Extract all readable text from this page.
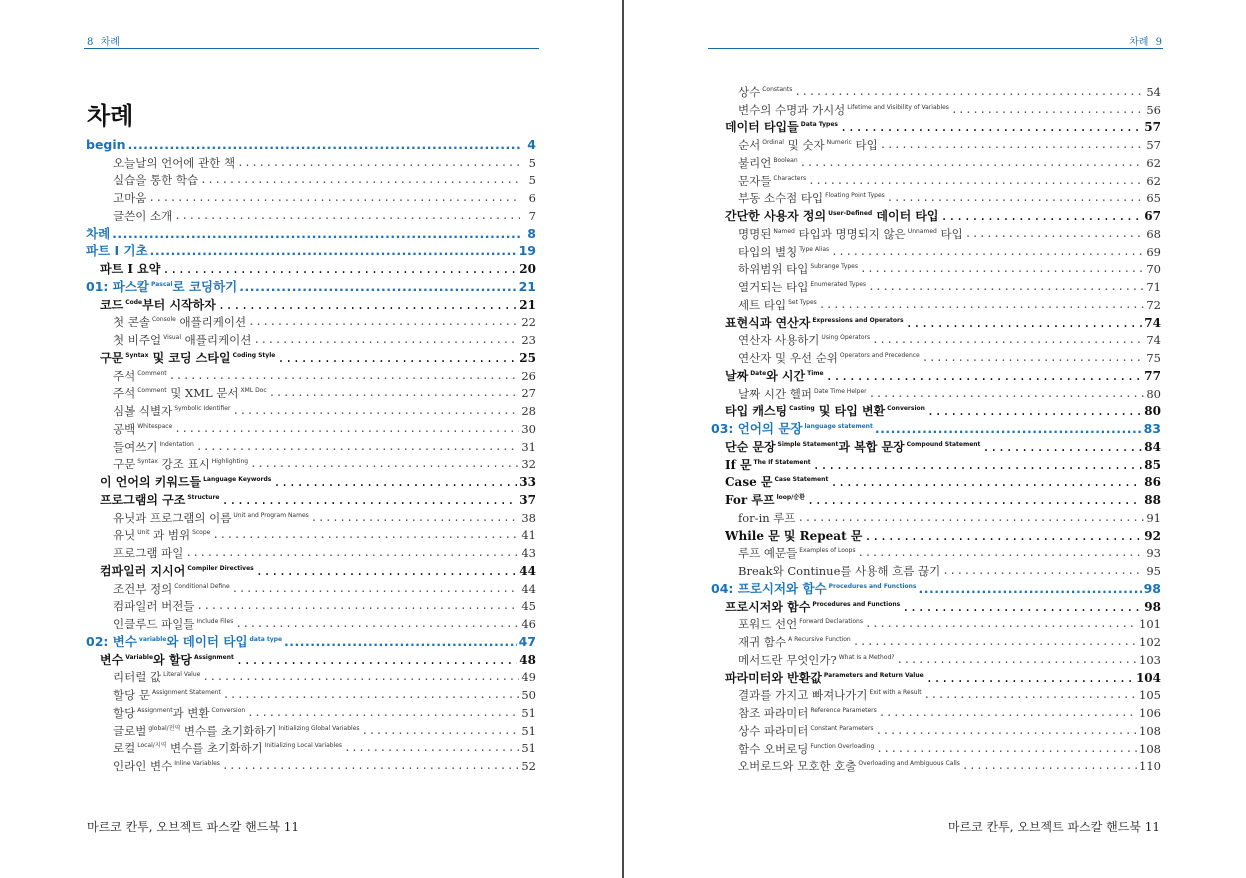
8 차례
차례
begin .....	4
오늘날의 언어에 관한 책 .....	5
실습을 통한 학습 .....	5
고마움 .....	6
글쓴이 소개 .....	7
차례 .....	8
파트 I 기초 .....	19
파트 I 요약 .....	20
01: 파스칼 $^{Pascal}$로 코딩하기 .....	21
코드 $^{Code}$부터 시작하자 .....	21
첫 콘솔 $^{Console}$ 애플리케이션 .....	22
첫 비주얼 $^{Visual}$ 애플리케이션 .....	23
구문 $^{Syntax}$ 및 코딩 스타일 $^{Coding Style}$ .....	25
주석 $^{Comment}$ .....	26
주석 $^{Comment}$ 및 XML 문서 $^{XML Doc}$ .....	27
심볼 식별자 $^{Symbolic Identifier}$ .....	28
공백 $^{Whitespace}$ .....	30
들여쓰기 $^{Indentation}$ .....	31
구문 $^{Syntax}$ 강조 표시 $^{Highlighting}$ .....	32
이 언어의 키워드들 $^{Language Keywords}$ .....	33
프로그램의 구조 $^{Structure}$ .....	37
유닛과 프로그램의 이름 $^{Unit and Program Names}$ .....	38
유닛 $^{Unit}$ 과 범위 $^{Scope}$ .....	41
프로그램 파일 .....	43
컴파일러 지시어 $^{Compiler Directives}$ .....	44
조건부 정의 $^{Conditional Define}$ .....	44
컴파일러 버전들 .....	45
인클루드 파일들 $^{Include Files}$ .....	46
02: 변수 $^{variable}$와 데이터 타입 $^{data type}$ .....	47
변수 $^{Variable}$와 할당 $^{Assignment}$ .....	48
리터럴 값 $^{Literal Value}$ .....	49
할당 문 $^{Assignment Statement}$ .....	50
할당 $^{Assignment}$과 변환 $^{Conversion}$ .....	51
글로벌 $^{global/전역}$ 변수를 초기화하기 $^{Initializing Global Variables}$ .....	51
로컬 $^{Local/지역}$ 변수를 초기화하기 $^{Initializing Local Variables}$ .....	51
인라인 변수 $^{Inline Variables}$ .....	52
마르코 칸투, 오브젝트 파스칼 핸드북 11
차례 9
상수 $^{Constants}$ .....	54
변수의 수명과 가시성 $^{Lifetime and Visibility of Variables}$ .....	56
데이터 타입들 $^{Data Types}$ .....	57
순서 $^{Ordinal}$ 및 숫자 $^{Numeric}$ 타입 .....	57
불리언 $^{Boolean}$ .....	62
문자들 $^{Characters}$ .....	62
부동 소수점 타입 $^{Floating Point Types}$ .....	65
간단한 사용자 정의 $^{User-Defined}$ 데이터 타입 .....	67
명명된 $^{Named}$ 타입과 명명되지 않은 $^{Unnamed}$ 타입 .....	68
타입의 별칭 $^{Type Alias}$ .....	69
하위범위 타입 $^{Subrange Types}$ .....	70
열거되는 타입 $^{Enumerated Types}$ .....	71
세트 타입 $^{Set Types}$ .....	72
표현식과 연산자 $^{Expressions and Operators}$ .....	74
연산자 사용하기 $^{Using Operators}$ .....	74
연산자 및 우선 순위 $^{Operators and Precedence}$ .....	75
날짜 $^{Date}$와 시간 $^{Time}$ .....	77
날짜 시간 헬퍼 $^{Date Time Helper}$ .....	80
타입 캐스팅 $^{Casting}$ 및 타입 변환 $^{Conversion}$ .....	80
03: 언어의 문장 $^{language statement}$ .....	83
단순 문장 $^{Simple Statement}$과 복합 문장 $^{Compound Statement}$ .....	84
If 문 $^{The If Statement}$ .....	85
Case 문 $^{Case Statement}$ .....	86
For 루프 $^{loop/순환}$ .....	88
for-in 루프 .....	91
While 문 및 Repeat 문 .....	92
루프 예문들 $^{Examples of Loops}$ .....	93
Break와 Continue를 사용해 흐름 끊기 .....	95
04: 프로시저와 함수 $^{Procedures and Functions}$ .....	98
프로시저와 함수 $^{Procedures and Functions}$ .....	98
포워드 선언 $^{Forward Declarations}$ .....	101
재귀 함수 $^{A Recursive Function}$ .....	102
메서드란 무엇인가? $^{What Is a Method?}$ .....	103
파라미터와 반환값 $^{Parameters and Return Value}$ .....	104
결과를 가지고 빠져나가기 $^{Exit with a Result}$ .....	105
참조 파라미터 $^{Reference Parameters}$ .....	106
상수 파라미터 $^{Constant Parameters}$ .....	108
함수 오버로딩 $^{Function Overloading}$ .....	108
오버로드와 모호한 호출 $^{Overloading and Ambiguous Calls}$ .....	110
마르코 칸투, 오브젝트 파스칼 핸드북 11
